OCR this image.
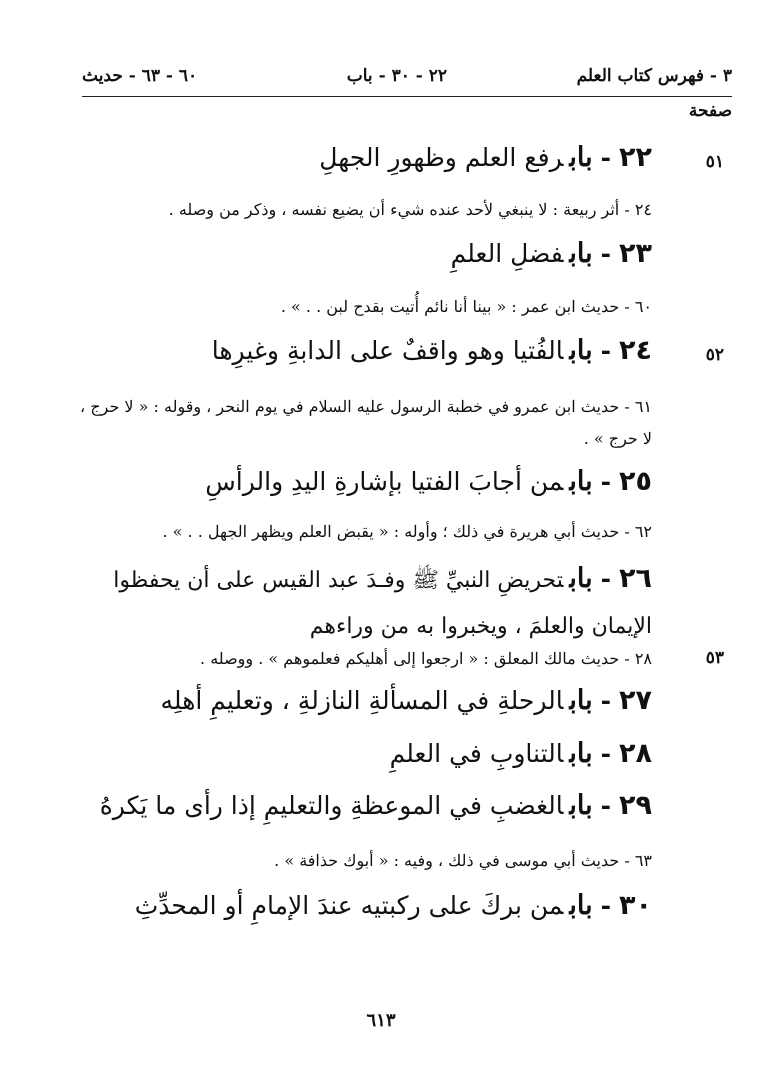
٣ - فهرس كتاب العلم
٢٢ - ٣٠ - باب
٦٠ - ٦٣ - حديث
صفحة
٥١
٥٢
٥٣
٢٢-بابرفع العلم وظهورِ الجهلِ
٢٤ - أثر ربيعة : لا ينبغي لأحد عنده شيء أن يضيع نفسه ، وذكر من وصله .
٢٣-بابفضلِ العلمِ
٦٠ - حديث ابن عمر : « بينا أنا نائم أُتيت بقدح لبن . . » .
٢٤-بابالفُتيا وهو واقفٌ على الدابةِ وغيرِها
٦١ - حديث ابن عمرو في خطبة الرسول عليه السلام في يوم النحر ، وقوله : « لا حرج ، لا حرج » .
٢٥-بابمن أجابَ الفتيا بإشارةِ اليدِ والرأسِ
٦٢ - حديث أبي هريرة في ذلك ؛ وأوله : « يقبض العلم ويظهر الجهل . . » .
٢٦-بابتحريضِ النبيِّ ﷺ وفـدَ عبد القيس على أن يحفظوا الإيمان والعلمَ ، ويخبروا به من وراءهم
٢٨ - حديث مالك المعلق : « ارجعوا إلى أهليكم فعلموهم » . ووصله .
٢٧-بابالرحلةِ في المسألةِ النازلةِ ، وتعليمِ أهلِه
٢٨-بابالتناوبِ في العلمِ
٢٩-بابالغضبِ في الموعظةِ والتعليمِ إذا رأى ما يَكرهُ
٦٣ - حديث أبي موسى في ذلك ، وفيه : « أبوك حذافة » .
٣٠-بابمن بركَ على ركبتيه عندَ الإمامِ أو المحدِّثِ
٦١٣
